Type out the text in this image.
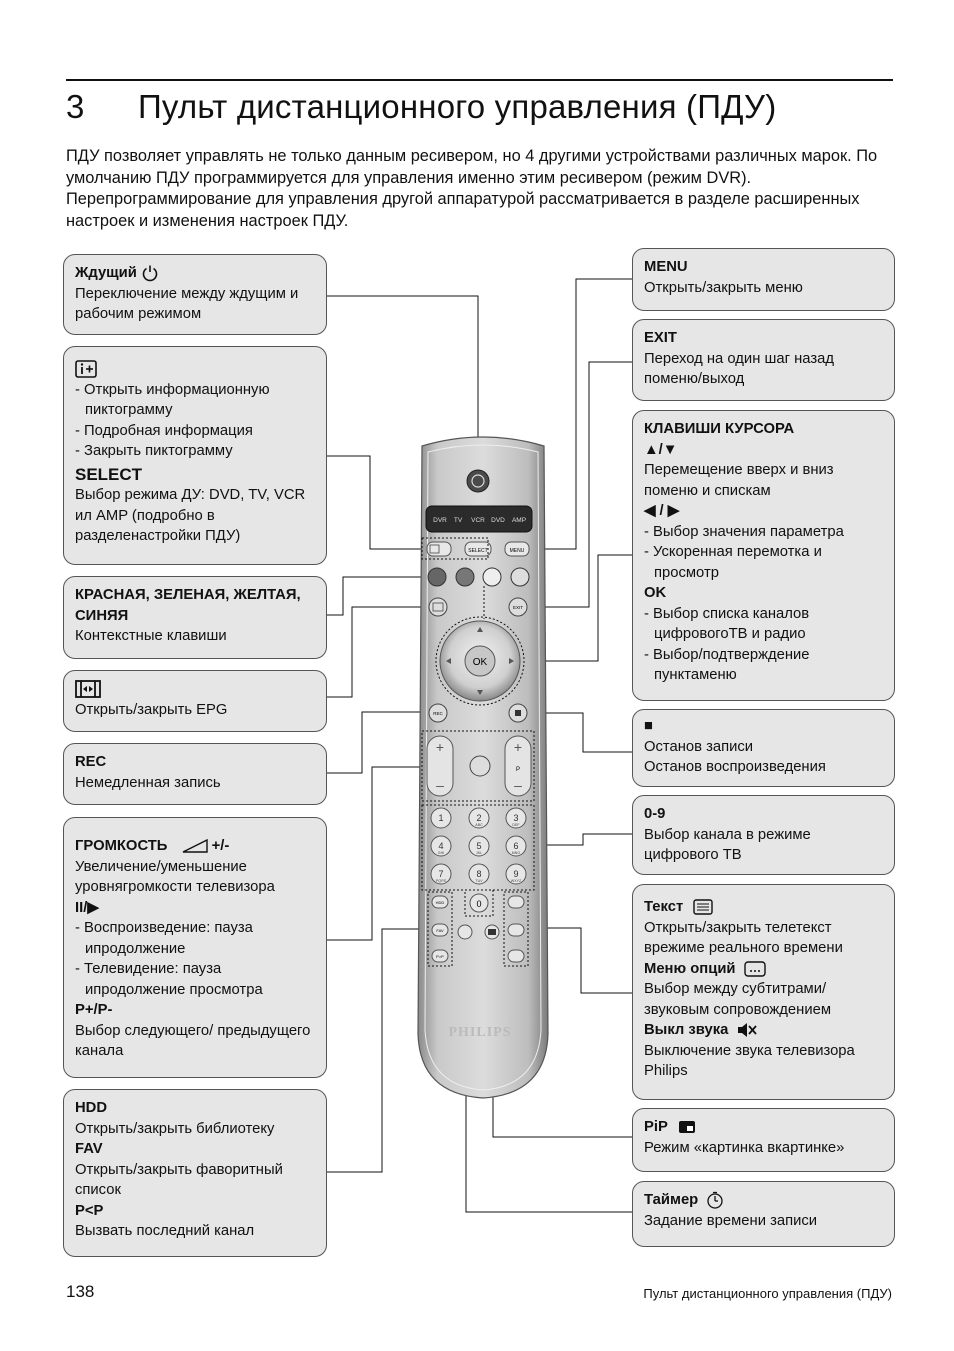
3 Пульт дистанционного управления (ПДУ)
ПДУ позволяет управлять не только данным ресивером, но 4 другими устройствами различных марок. По умолчанию ПДУ программируется для управления именно этим ресивером (режим DVR). Перепрограммирование для управления другой аппаратурой рассматривается в разделе расширенных настроек и изменения настроек ПДУ.
DVR TV VCR DVD AMP
SELECT	MENU
EXIT
OK
REC
+
–
+
P
–
1	2	3
4	5	6
7	8	9
ABC	DEF
GHI	JKL	MNO
PQRS	TUV	WXYZ
0
HDD
FAV
P>P
PHILIPS
Ждущий
Переключение между ждущим и рабочим режимом
- Открыть информационную пиктограмму
- Подробная информация
- Закрыть пиктограмму
SELECT
Выбор режима ДУ: DVD, TV, VCR ил AMP (подробно в разделенастройки ПДУ)
КРАСНАЯ, ЗЕЛЕНАЯ, ЖЕЛТАЯ, СИНЯЯ
Контекстные клавиши
Открыть/закрыть EPG
REC
Немедленная запись
ГРОМКОСТЬ	+/-
Увеличение/уменьшение уровнягромкости телевизора
II/▶
- Воспроизведение: пауза ипродолжение
- Телевидение: пауза ипродолжение просмотра
P+/P-
Выбор следующего/ предыдущего канала
HDD
Открыть/закрыть библиотеку
FAV
Открыть/закрыть фаворитный список
P<P
Вызвать последний канал
MENU
Открыть/закрыть меню
EXIT
Переход на один шаг назад поменю/выход
КЛАВИШИ КУРСОРА
▲/▼
Перемещение вверх и вниз поменю и спискам
◀ / ▶
- Выбор значения параметра
- Ускоренная перемотка и просмотр
OK
- Выбор списка каналов цифровогоТВ и радио
- Выбор/подтверждение пунктаменю
■
Останов записи
Останов воспроизведения
0-9
Выбор канала в режиме цифрового ТВ
Текст
Открыть/закрыть телетекст врежиме реального времени
Меню опций
Выбор между субтитрами/ звуковым сопровождением
Выкл звука
Выключение звука телевизора Philips
PiP
Режим «картинка вкартинке»
Таймер
Задание времени записи
138	Пульт дистанционного управления (ПДУ)
